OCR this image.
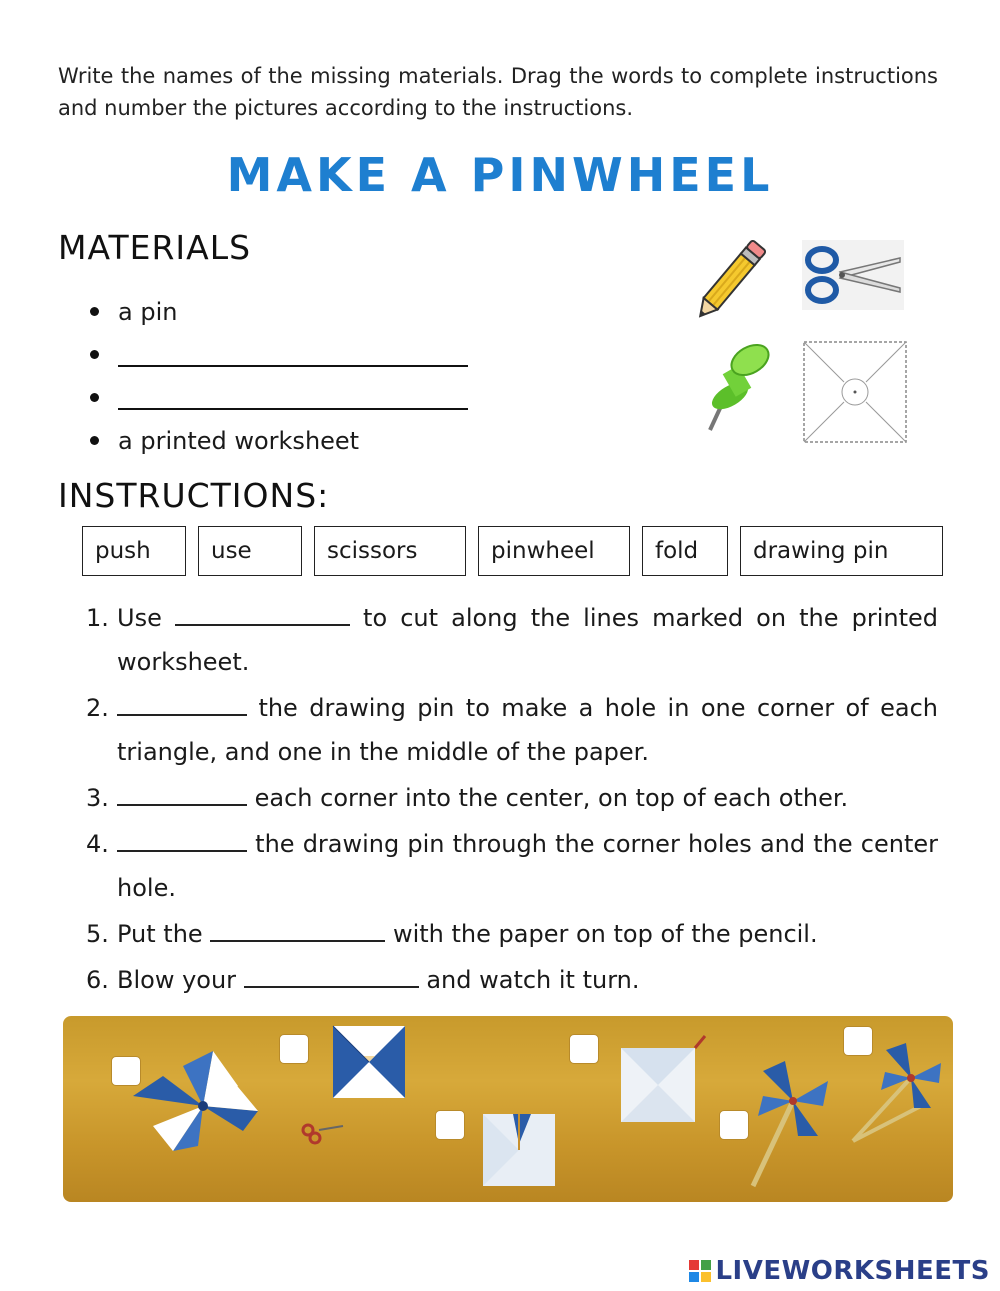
Write the names of the missing materials. Drag the words to complete instructions and number the pictures according to the instructions.
MAKE A PINWHEEL
MATERIALS
a pin
a printed worksheet
INSTRUCTIONS:
push	use	scissors	pinwheel	fold	drawing pin
1. Use	to cut along the lines marked on the printed worksheet.
2.	the drawing pin to make a hole in one corner of each triangle, and one in the middle of the paper.
3.	each corner into the center, on top of each other.
4.	the drawing pin through the corner holes and the center hole.
5. Put the	with the paper on top of the pencil.
6. Blow your	and watch it turn.
LIVEWORKSHEETS
